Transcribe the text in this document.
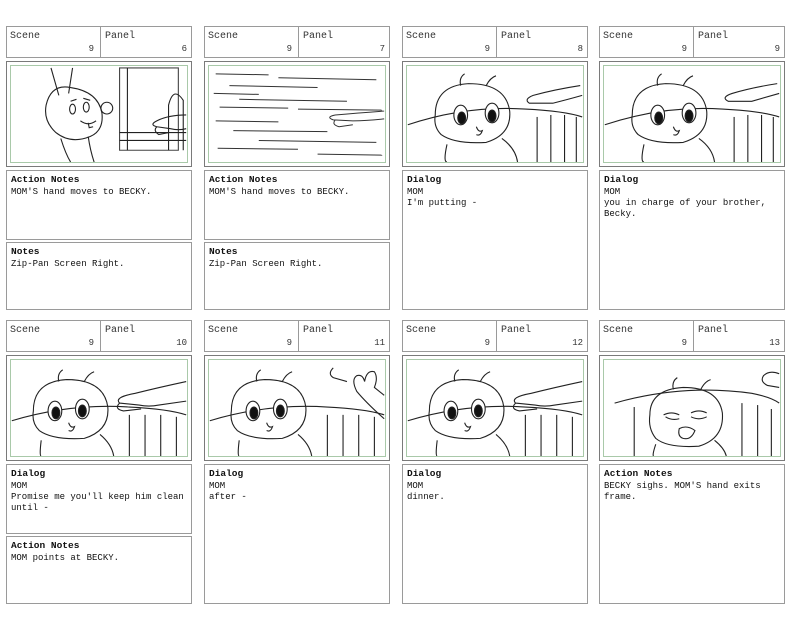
Scene
9
Panel
6
Action Notes
MOM'S hand moves to BECKY.
Notes
Zip-Pan Screen Right.
Scene
9
Panel
7
Action Notes
MOM'S hand moves to BECKY.
Notes
Zip-Pan Screen Right.
Scene
9
Panel
8
Dialog
MOM
I'm putting -
Scene
9
Panel
9
Dialog
MOM
you in charge of your brother,
Becky.
Scene
9
Panel
10
Dialog
MOM
Promise me you'll keep him clean
until -
Action Notes
MOM points at BECKY.
Scene
9
Panel
11
Dialog
MOM
after -
Scene
9
Panel
12
Dialog
MOM
dinner.
Scene
9
Panel
13
Action Notes
BECKY sighs. MOM'S hand exits
frame.
